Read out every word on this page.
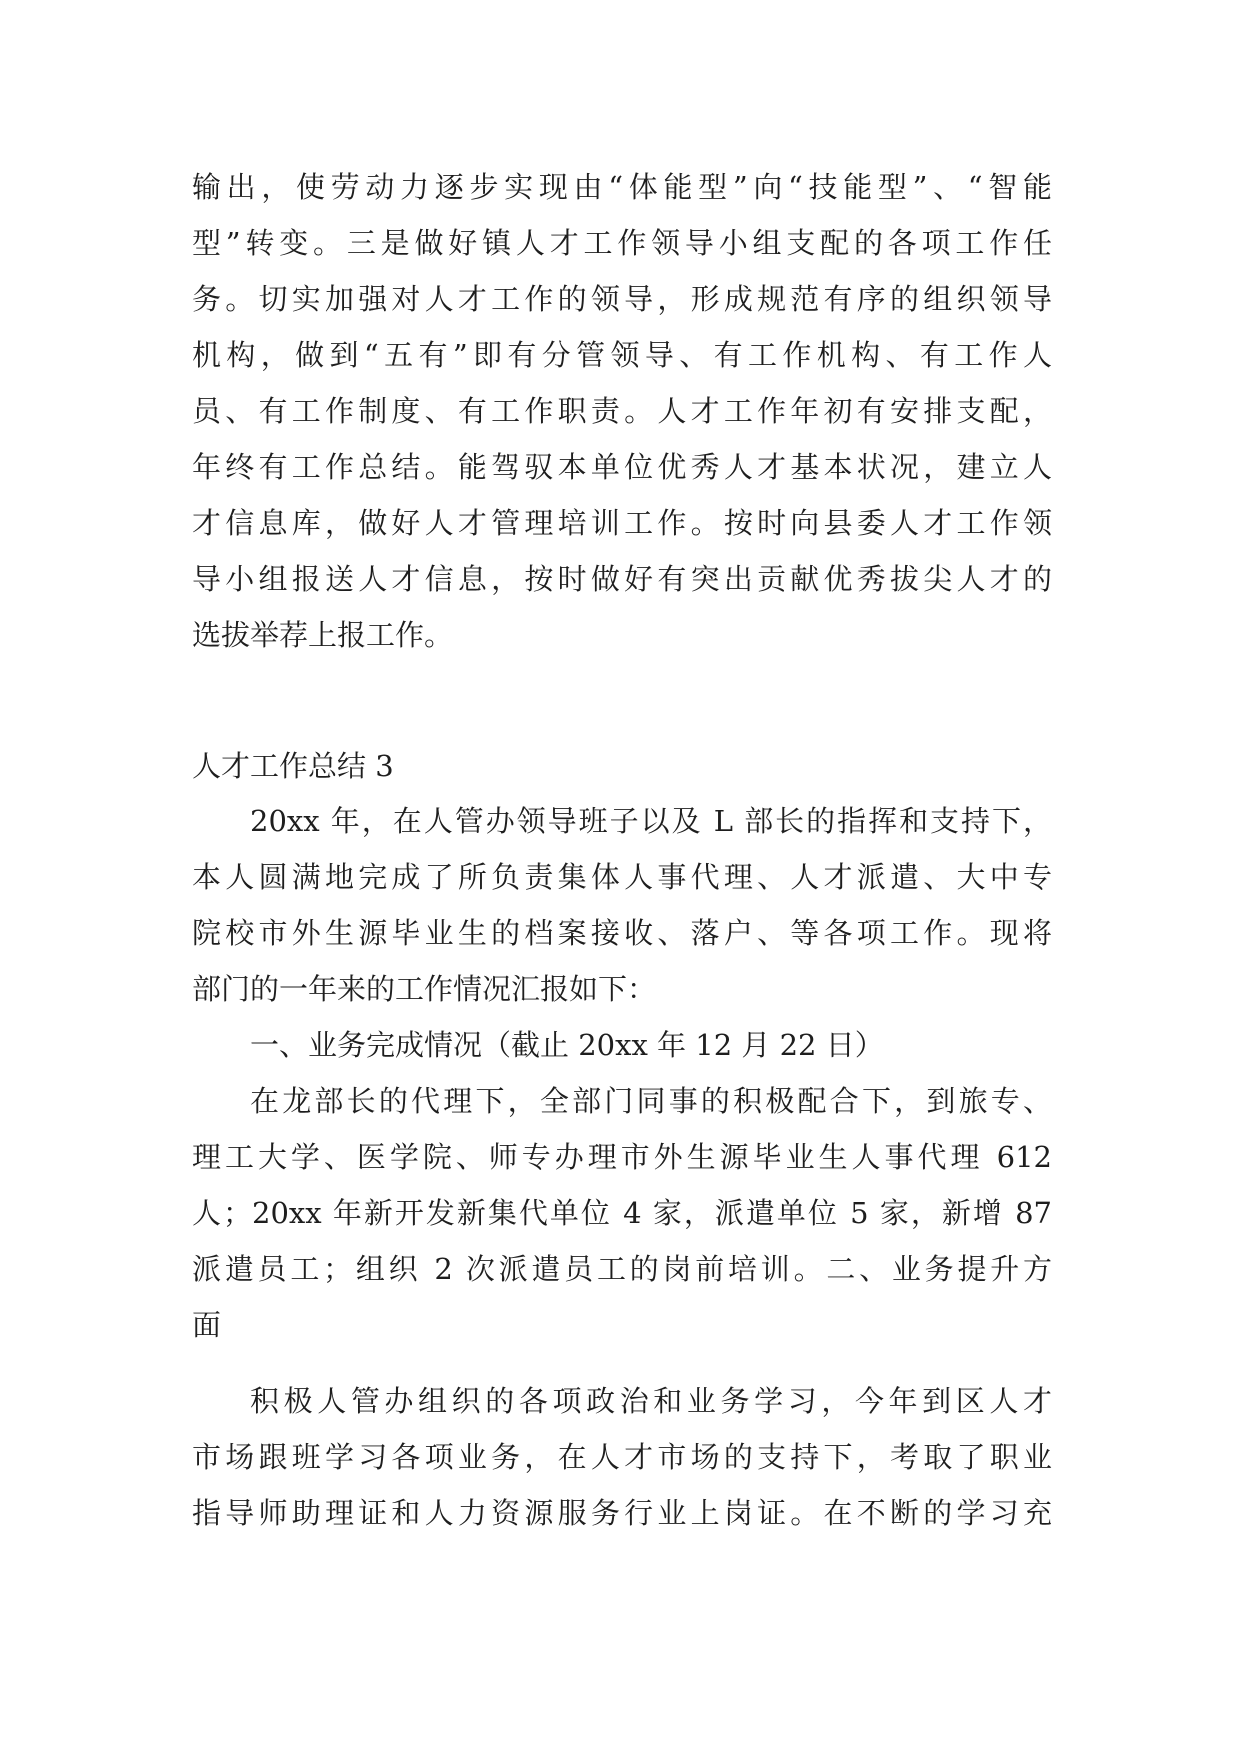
输出，使劳动力逐步实现由“体能型”向“技能型”、“智能
型”转变。三是做好镇人才工作领导小组支配的各项工作任
务。切实加强对人才工作的领导，形成规范有序的组织领导
机构，做到“五有”即有分管领导、有工作机构、有工作人
员、有工作制度、有工作职责。人才工作年初有安排支配，
年终有工作总结。能驾驭本单位优秀人才基本状况，建立人
才信息库，做好人才管理培训工作。按时向县委人才工作领
导小组报送人才信息，按时做好有突出贡献优秀拔尖人才的
选拔举荐上报工作。
人才工作总结 3
20xx 年，在人管办领导班子以及 L 部长的指挥和支持下，
本人圆满地完成了所负责集体人事代理、人才派遣、大中专
院校市外生源毕业生的档案接收、落户、等各项工作。现将
部门的一年来的工作情况汇报如下：
一、业务完成情况（截止 20xx 年 12 月 22 日）
在龙部长的代理下，全部门同事的积极配合下，到旅专、
理工大学、医学院、师专办理市外生源毕业生人事代理 612
人；20xx 年新开发新集代单位 4 家，派遣单位 5 家，新增 87
派遣员工；组织 2 次派遣员工的岗前培训。二、业务提升方
面
积极人管办组织的各项政治和业务学习，今年到区人才
市场跟班学习各项业务，在人才市场的支持下，考取了职业
指导师助理证和人力资源服务行业上岗证。在不断的学习充
